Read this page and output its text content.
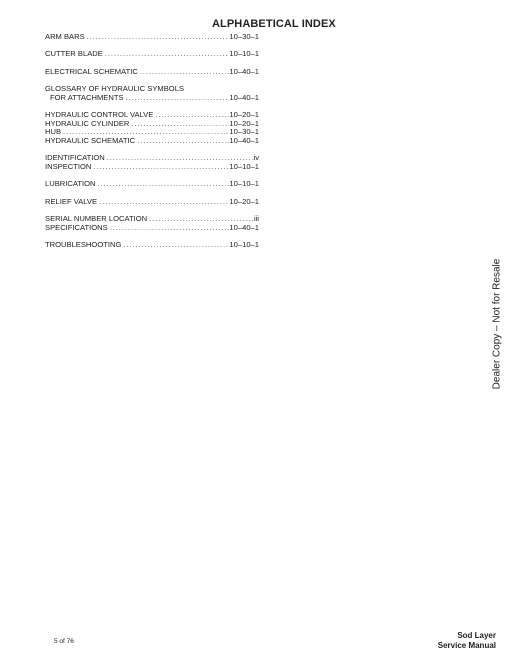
ALPHABETICAL INDEX
ARM BARS . . .	10–30–1
CUTTER BLADE . . .	10–10–1
ELECTRICAL SCHEMATIC . . .	10–40–1
GLOSSARY OF HYDRAULIC SYMBOLS
FOR ATTACHMENTS . . .	10–40–1
HYDRAULIC CONTROL VALVE . . .	10–20–1
HYDRAULIC CYLINDER . . .	10–20–1
HUB . . .	10–30–1
HYDRAULIC SCHEMATIC . . .	10–40–1
IDENTIFICATION . . .	iv
INSPECTION . . .	10–10–1
LUBRICATION . . .	10–10–1
RELIEF VALVE . . .	10–20–1
SERIAL NUMBER LOCATION . . .	iii
SPECIFICATIONS . . .	10–40–1
TROUBLESHOOTING . . .	10–10–1
Dealer Copy – Not for Resale
5 of 76
Sod Layer
Service Manual
